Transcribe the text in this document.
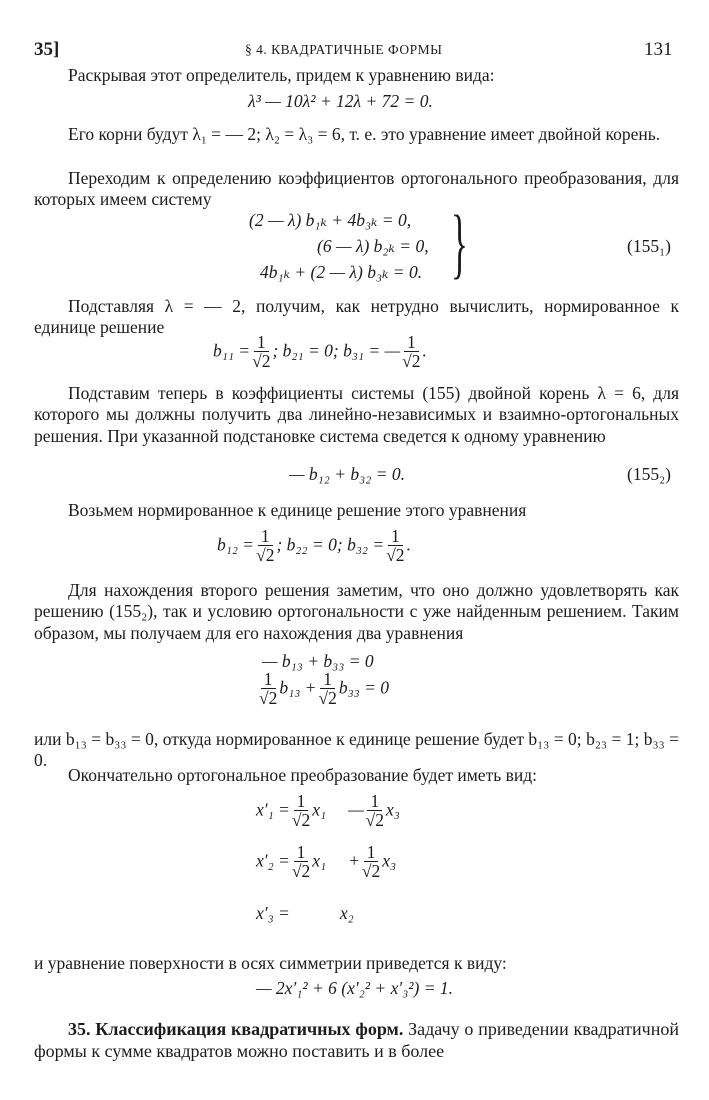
35]	§ 4. КВАДРАТИЧНЫЕ ФОРМЫ	131
Раскрывая этот определитель, придем к уравнению вида:
λ³ — 10λ² + 12λ + 72 = 0.
Его корни будут λ₁ = — 2; λ₂ = λ₃ = 6, т. е. это уравнение имеет двойной корень.
Переходим к определению коэффициентов ортогонального преобразования, для которых имеем систему
(2 — λ) b₁ₖ + 4b₃ₖ = 0,
(6 — λ) b₂ₖ = 0,
4b₁ₖ + (2 — λ) b₃ₖ = 0. }	(155₁)
Подставляя λ = — 2, получим, как нетрудно вычислить, нормированное к единице решение
$b_{11} = \frac{1}{√2}$ ; b₂₁ = 0; b₃₁ = — $\frac{1}{√2}$ .
Подставим теперь в коэффициенты системы (155) двойной корень λ = 6, для которого мы должны получить два линейно-независимых и взаимно-ортогональных решения. При указанной подстановке система сведется к одному уравнению
— b₁₂ + b₃₂ = 0.	(155₂)
Возьмем нормированное к единице решение этого уравнения
$b_{12} = \frac{1}{√2}$ ; b₂₂ = 0; $b_{32} = \frac{1}{√2}$ .
Для нахождения второго решения заметим, что оно должно удовлетворять как решению (155₂), так и условию ортогональности с уже найденным решением. Таким образом, мы получаем для его нахождения два уравнения
— b₁₃ + b₃₃ = 0
$\frac{1}{√2} b_{13} + \frac{1}{√2} b_{33} = 0$
или b₁₃ = b₃₃ = 0, откуда нормированное к единице решение будет b₁₃ = 0; b₂₃ = 1; b₃₃ = 0.
Окончательно ортогональное преобразование будет иметь вид:
$x'_1 = \frac{1}{√2} x_1$ — $\frac{1}{√2} x_3$
$x'_2 = \frac{1}{√2} x_1 + \frac{1}{√2} x_3$
x′₃ =	x₂
и уравнение поверхности в осях симметрии приведется к виду:
— 2x′₁² + 6 (x′₂² + x′₃²) = 1.
35. Классификация квадратичных форм. Задачу о приведении квадратичной формы к сумме квадратов можно поставить и в более
